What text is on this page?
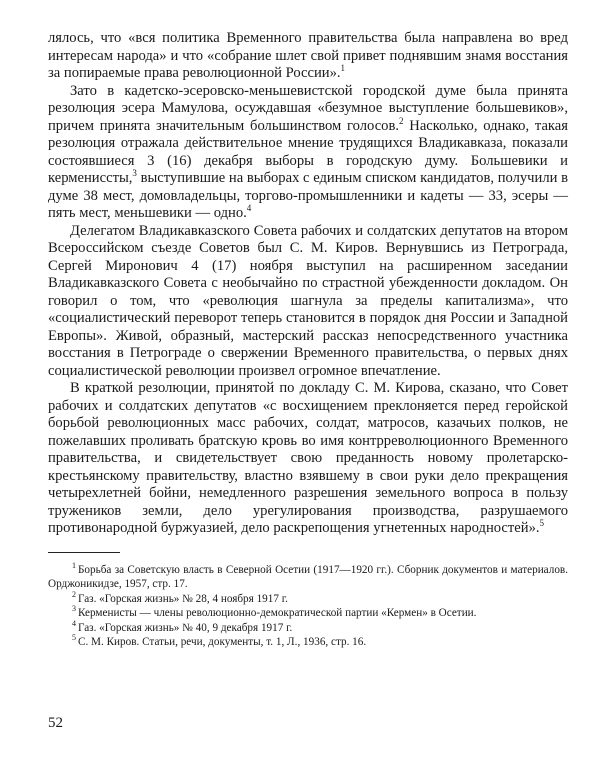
лялось, что «вся политика Временного правительства была направлена во вред интересам народа» и что «собрание шлет свой привет поднявшим знамя восстания за попираемые права революционной России».$^1$

Зато в кадетско-эсеровско-меньшевистской городской думе была принята резолюция эсера Мамулова, осуждавшая «безумное выступление большевиков», причем принята значительным большинством голосов.$^2$ Насколько, однако, такая резолюция отражала действительное мнение трудящихся Владикавказа, показали состоявшиеся 3 (16) декабря выборы в городскую думу. Большевики и кермениссты,$^3$ выступившие на выборах с единым списком кандидатов, получили в думе 38 мест, домовладельцы, торгово-промышленники и кадеты — 33, эсеры — пять мест, меньшевики — одно.$^4$

Делегатом Владикавказского Совета рабочих и солдатских депутатов на втором Всероссийском съезде Советов был С. М. Киров. Вернувшись из Петрограда, Сергей Миронович 4 (17) ноября выступил на расширенном заседании Владикавказского Совета с необычайно по страстной убежденности докладом. Он говорил о том, что «революция шагнула за пределы капитализма», что «социалистический переворот теперь становится в порядок дня России и Западной Европы». Живой, образный, мастерский рассказ непосредственного участника восстания в Петрограде о свержении Временного правительства, о первых днях социалистической революции произвел огромное впечатление.

В краткой резолюции, принятой по докладу С. М. Кирова, сказано, что Совет рабочих и солдатских депутатов «с восхищением преклоняется перед геройской борьбой революционных масс рабочих, солдат, матросов, казачьих полков, не пожелавших проливать братскую кровь во имя контрреволюционного Временного правительства, и свидетельствует свою преданность новому пролетарско-крестьянскому правительству, властно взявшему в свои руки дело прекращения четырехлетней бойни, немедленного разрешения земельного вопроса в пользу тружеников земли, дело урегулирования производства, разрушаемого противонародной буржуазией, дело раскрепощения угнетенных народностей».$^5$

$^1$ Борьба за Советскую власть в Северной Осетии (1917—1920 гг.). Сборник документов и материалов. Орджоникидзе, 1957, стр. 17.

$^2$ Газ. «Горская жизнь» № 28, 4 ноября 1917 г.

$^3$ Керменисты — члены революционно-демократической партии «Кермен» в Осетии.

$^4$ Газ. «Горская жизнь» № 40, 9 декабря 1917 г.

$^5$ С. М. Киров. Статьи, речи, документы, т. 1, Л., 1936, стр. 16.

52
